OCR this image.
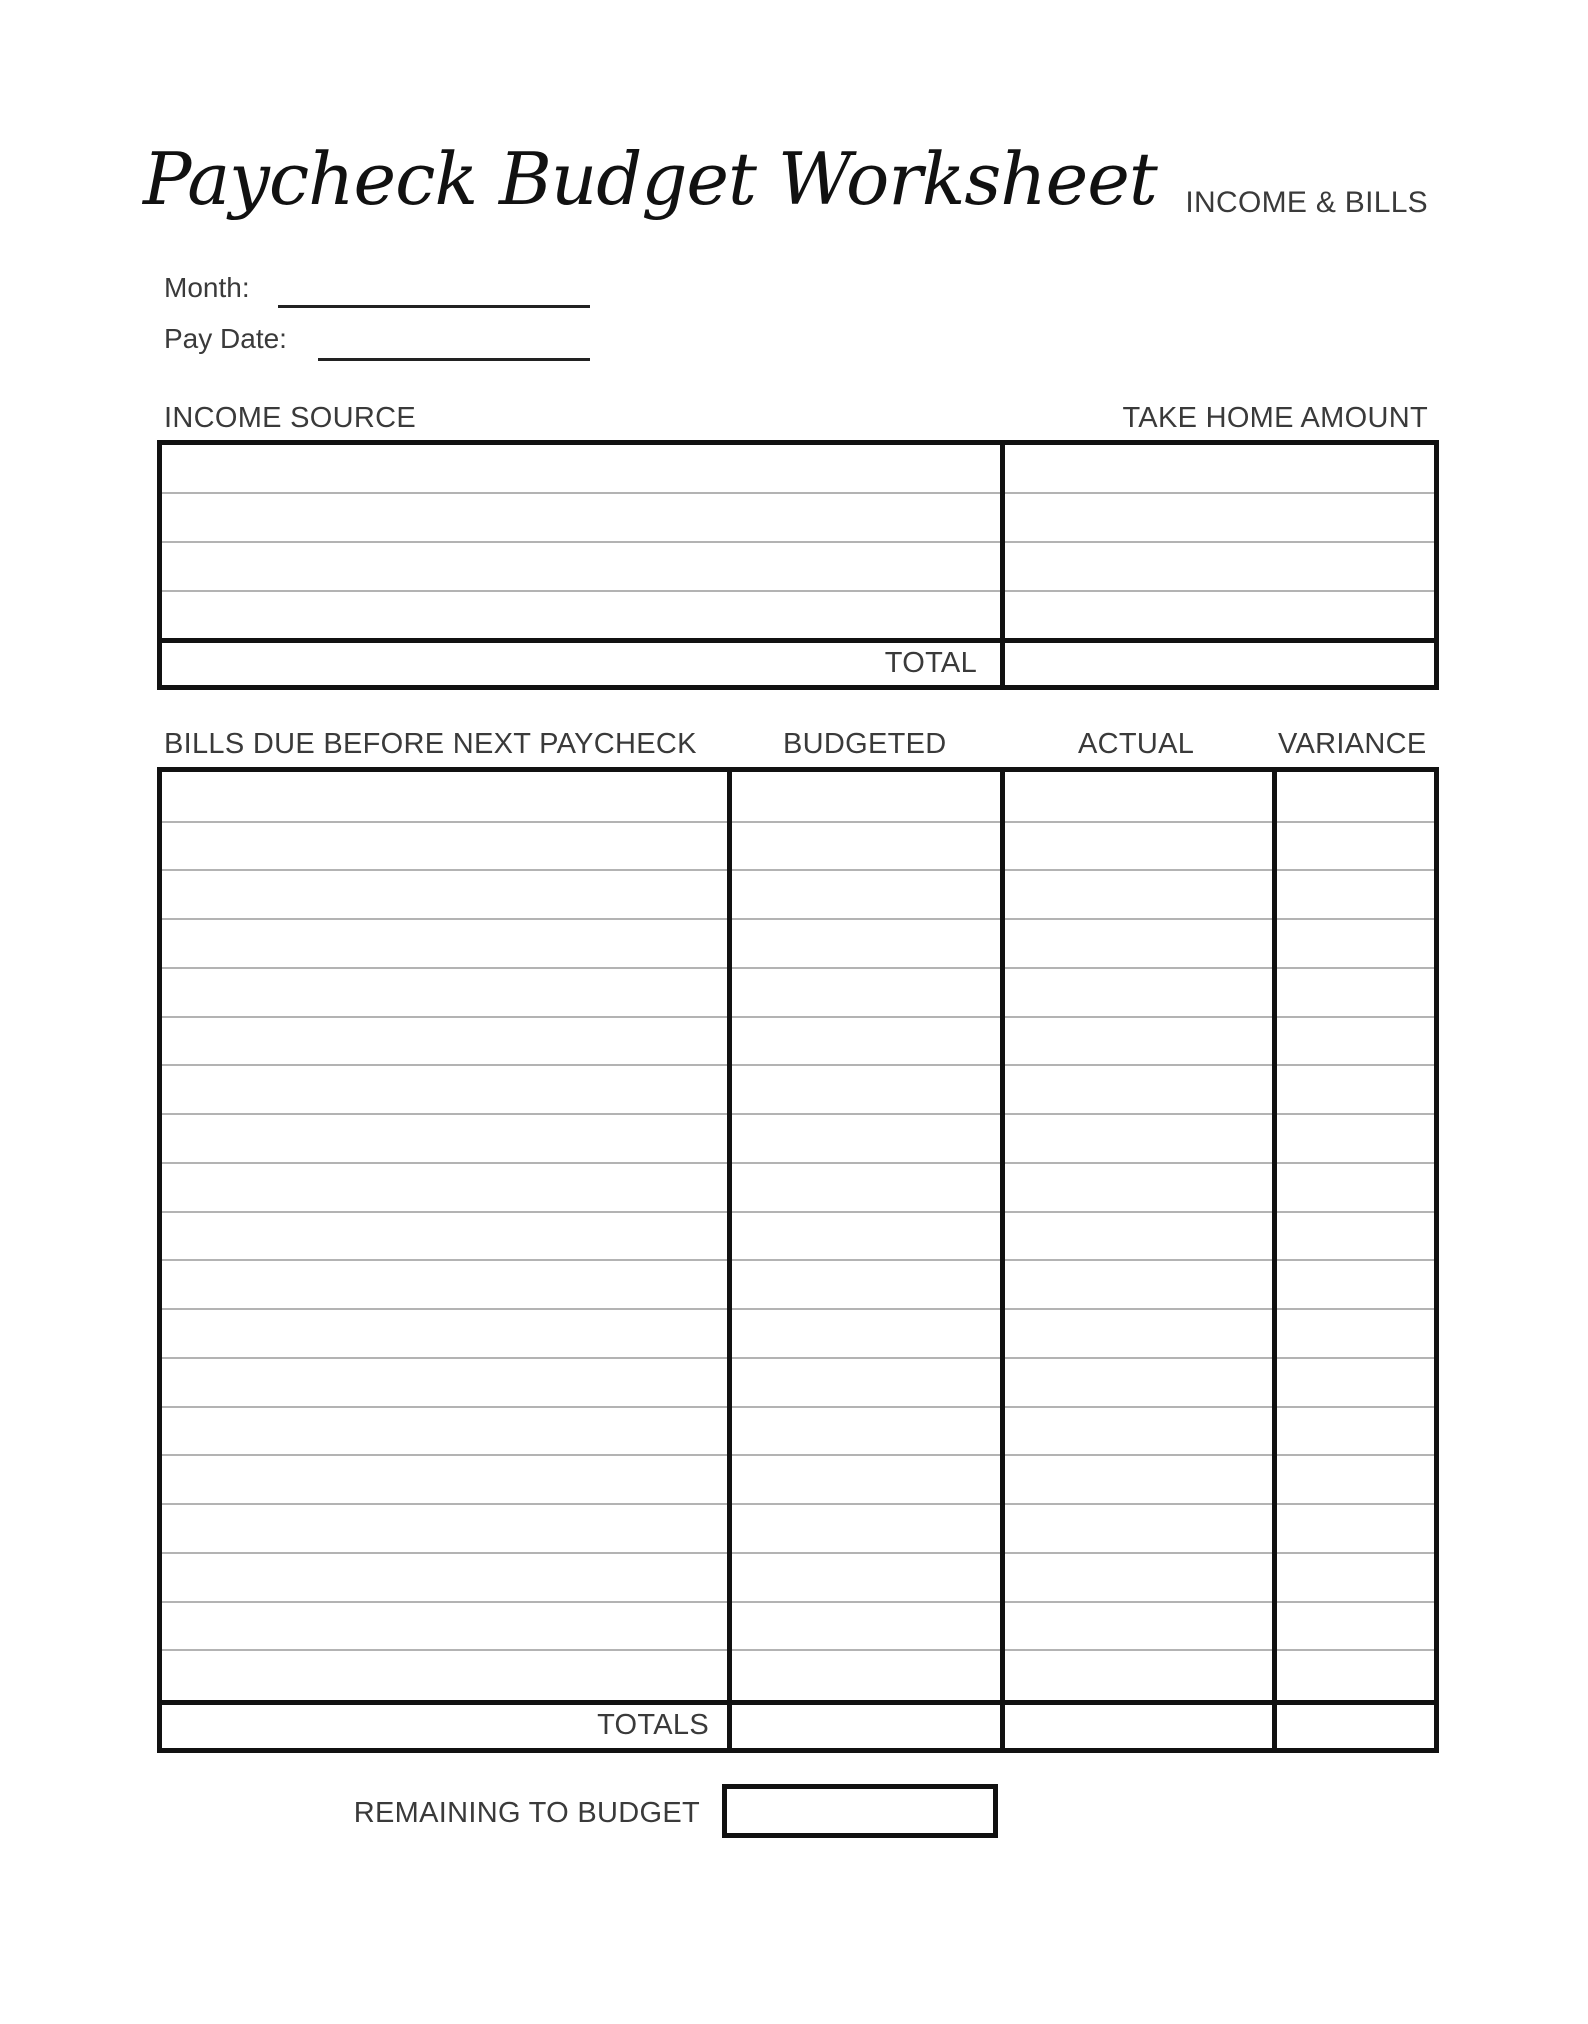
Paycheck Budget Worksheet INCOME & BILLS
Month:
Pay Date:
INCOME SOURCE	TAKE HOME AMOUNT
TOTAL
BILLS DUE BEFORE NEXT PAYCHECK	BUDGETED	ACTUAL	VARIANCE
TOTALS
REMAINING TO BUDGET
